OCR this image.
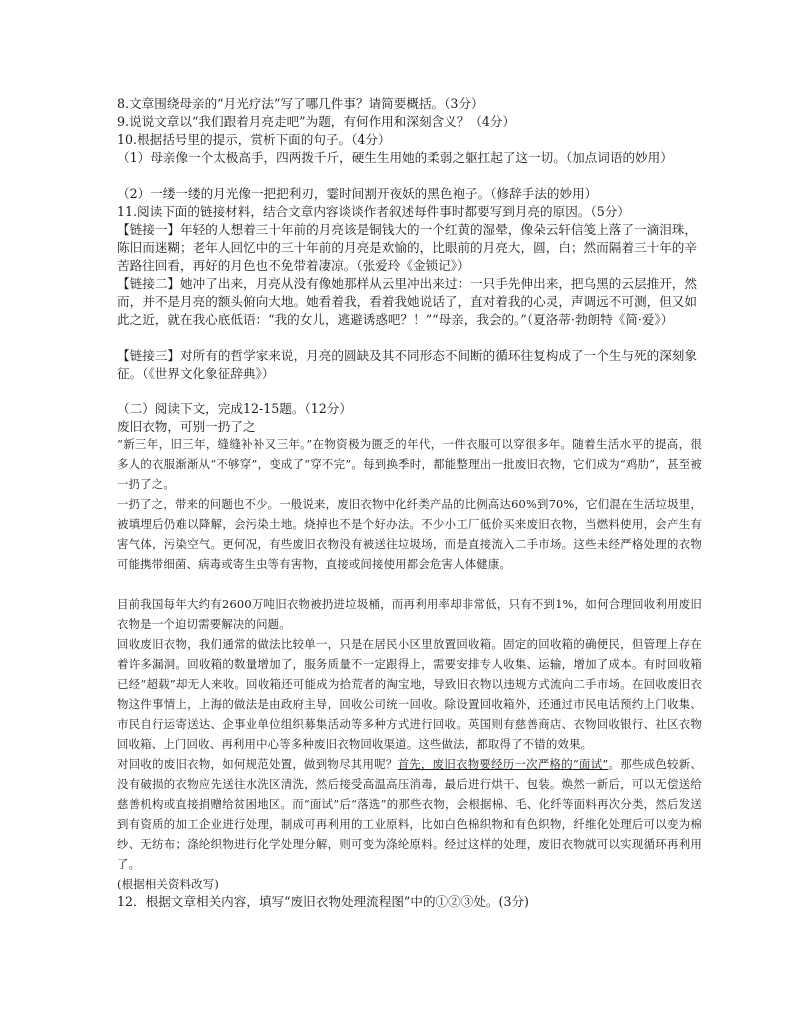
8.文章围绕母亲的“月光疗法”写了哪几件事？请简要概括。（3分）
9.说说文章以“我们跟着月亮走吧”为题，有何作用和深刻含义？（4分）
10.根据括号里的提示，赏析下面的句子。（4分）
（1）母亲像一个太极高手，四两拨千斤，硬生生用她的柔弱之躯扛起了这一切。（加点词语的妙用）
（2）一缕一缕的月光像一把把利刃，霎时间割开夜妖的黑色袍子。（修辞手法的妙用）
11.阅读下面的链接材料，结合文章内容谈谈作者叙述每件事时都要写到月亮的原因。（5分）
【链接一】年轻的人想着三十年前的月亮该是铜钱大的一个红黄的湿晕，像朵云轩信笺上落了一滴泪珠，陈旧而迷糊；老年人回忆中的三十年前的月亮是欢愉的，比眼前的月亮大，圆，白；然而隔着三十年的辛苦路往回看，再好的月色也不免带着凄凉。（张爱玲《金锁记》）
【链接二】她冲了出来，月亮从没有像她那样从云里冲出来过：一只手先伸出来，把乌黑的云层推开，然而，并不是月亮的额头俯向大地。她看着我，看着我她说话了，直对着我的心灵，声调远不可测，但又如此之近，就在我心底低语：“我的女儿，逃避诱惑吧？！”“母亲，我会的。”（夏洛蒂·勃朗特《简·爱》）
【链接三】对所有的哲学家来说，月亮的圆缺及其不同形态不间断的循环往复构成了一个生与死的深刻象征。（《世界文化象征辞典》）
（二）阅读下文，完成12-15题。（12分）
废旧衣物，可别一扔了之
“新三年，旧三年，缝缝补补又三年。”在物资极为匮乏的年代，一件衣服可以穿很多年。随着生活水平的提高，很多人的衣服渐渐从“不够穿”，变成了“穿不完”。每到换季时，都能整理出一批废旧衣物，它们成为“鸡肋”，甚至被一扔了之。
一扔了之，带来的问题也不少。一般说来，废旧衣物中化纤类产品的比例高达60%到70%，它们混在生活垃圾里，被填埋后仍难以降解，会污染土地。烧掉也不是个好办法。不少小工厂低价买来废旧衣物，当燃料使用，会产生有害气体，污染空气。更何况，有些废旧衣物没有被送往垃圾场，而是直接流入二手市场。这些未经严格处理的衣物可能携带细菌、病毒或寄生虫等有害物，直接或间接使用都会危害人体健康。
目前我国每年大约有2600万吨旧衣物被扔进垃圾桶，而再利用率却非常低，只有不到1%，如何合理回收利用废旧衣物是一个迫切需要解决的问题。
回收废旧衣物，我们通常的做法比较单一，只是在居民小区里放置回收箱。固定的回收箱的确便民，但管理上存在着许多漏洞。回收箱的数量增加了，服务质量不一定跟得上，需要安排专人收集、运输，增加了成本。有时回收箱已经“超载”却无人来收。回收箱还可能成为拾荒者的淘宝地，导致旧衣物以违规方式流向二手市场。在回收废旧衣物这件事情上，上海的做法是由政府主导，回收公司统一回收。除设置回收箱外，还通过市民电话预约上门收集、市民自行运寄送达、企事业单位组织募集活动等多种方式进行回收。英国则有慈善商店、衣物回收银行、社区衣物回收箱、上门回收、再利用中心等多种废旧衣物回收渠道。这些做法，都取得了不错的效果。
对回收的废旧衣物，如何规范处置，做到物尽其用呢？首先，废旧衣物要经历一次严格的“面试”。那些成色较新、没有破损的衣物应先送往水洗区清洗，然后接受高温高压消毒，最后进行烘干、包装。焕然一新后，可以无偿送给慈善机构或直接捐赠给贫困地区。而“面试”后“落选”的那些衣物，会根据棉、毛、化纤等面料再次分类，然后发送到有资质的加工企业进行处理，制成可再利用的工业原料，比如白色棉织物和有色织物，纤维化处理后可以变为棉纱、无纺布；涤纶织物进行化学处理分解，则可变为涤纶原料。经过这样的处理，废旧衣物就可以实现循环再利用了。
(根据相关资料改写)
12．根据文章相关内容，填写“废旧衣物处理流程图”中的①②③处。(3分)
